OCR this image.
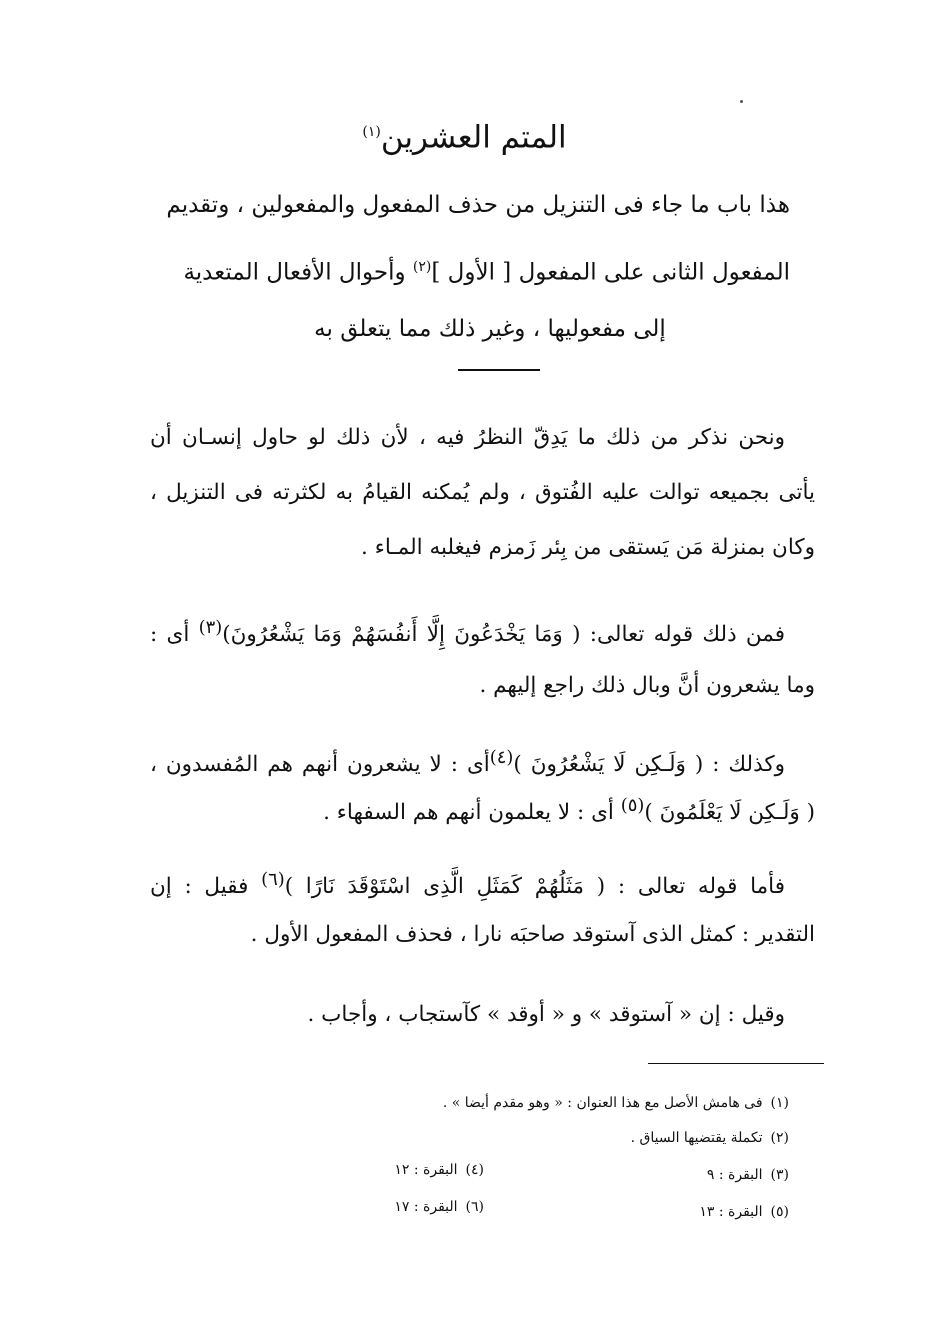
المتم العشرين$^{(١)}$
هذا باب ما جاء فى التنزيل من حذف المفعول والمفعولين ، وتقديم
المفعول الثانى على المفعول [ الأول ]$^{(٢)}$ وأحوال الأفعال المتعدية
إلى مفعوليها ، وغير ذلك مما يتعلق به
ونحن نذكر من ذلك ما يَدِقّ النظرُ فيه ، لأن ذلك لو حاول إنسـان أن
يأتى بجميعه توالت عليه الفُتوق ، ولم يُمكنه القيامُ به لكثرته فى التنزيل ،
وكان بمنزلة مَن يَستقى من بِئر زَمزم فيغلبه المـاء .
فمن ذلك قوله تعالى: ( وَمَا يَخْدَعُونَ إِلَّا أَنفُسَهُمْ وَمَا يَشْعُرُونَ)$^{(٣)}$ أى :
وما يشعرون أنَّ وبال ذلك راجع إليهم .
وكذلك : ( وَلَـكِن لَا يَشْعُرُونَ )$^{(٤)}$أى : لا يشعرون أنهم هم المُفسدون ،
( وَلَـكِن لَا يَعْلَمُونَ )$^{(٥)}$ أى : لا يعلمون أنهم هم السفهاء .
فأما قوله تعالى : ( مَثَلُهُمْ كَمَثَلِ الَّذِى اسْتَوْقَدَ نَارًا )$^{(٦)}$ فقيل : إن
التقدير : كمثل الذى آستوقد صاحبَه نارا ، فحذف المفعول الأول .
وقيل : إن « آستوقد » و « أوقد » كآستجاب ، وأجاب .
(١)فى هامش الأصل مع هذا العنوان : « وهو مقدم أيضا » .
(٢)تكملة يقتضيها السياق .
(٣)البقرة : ٩
(٤)البقرة : ١٢
(٥)البقرة : ١٣
(٦)البقرة : ١٧
